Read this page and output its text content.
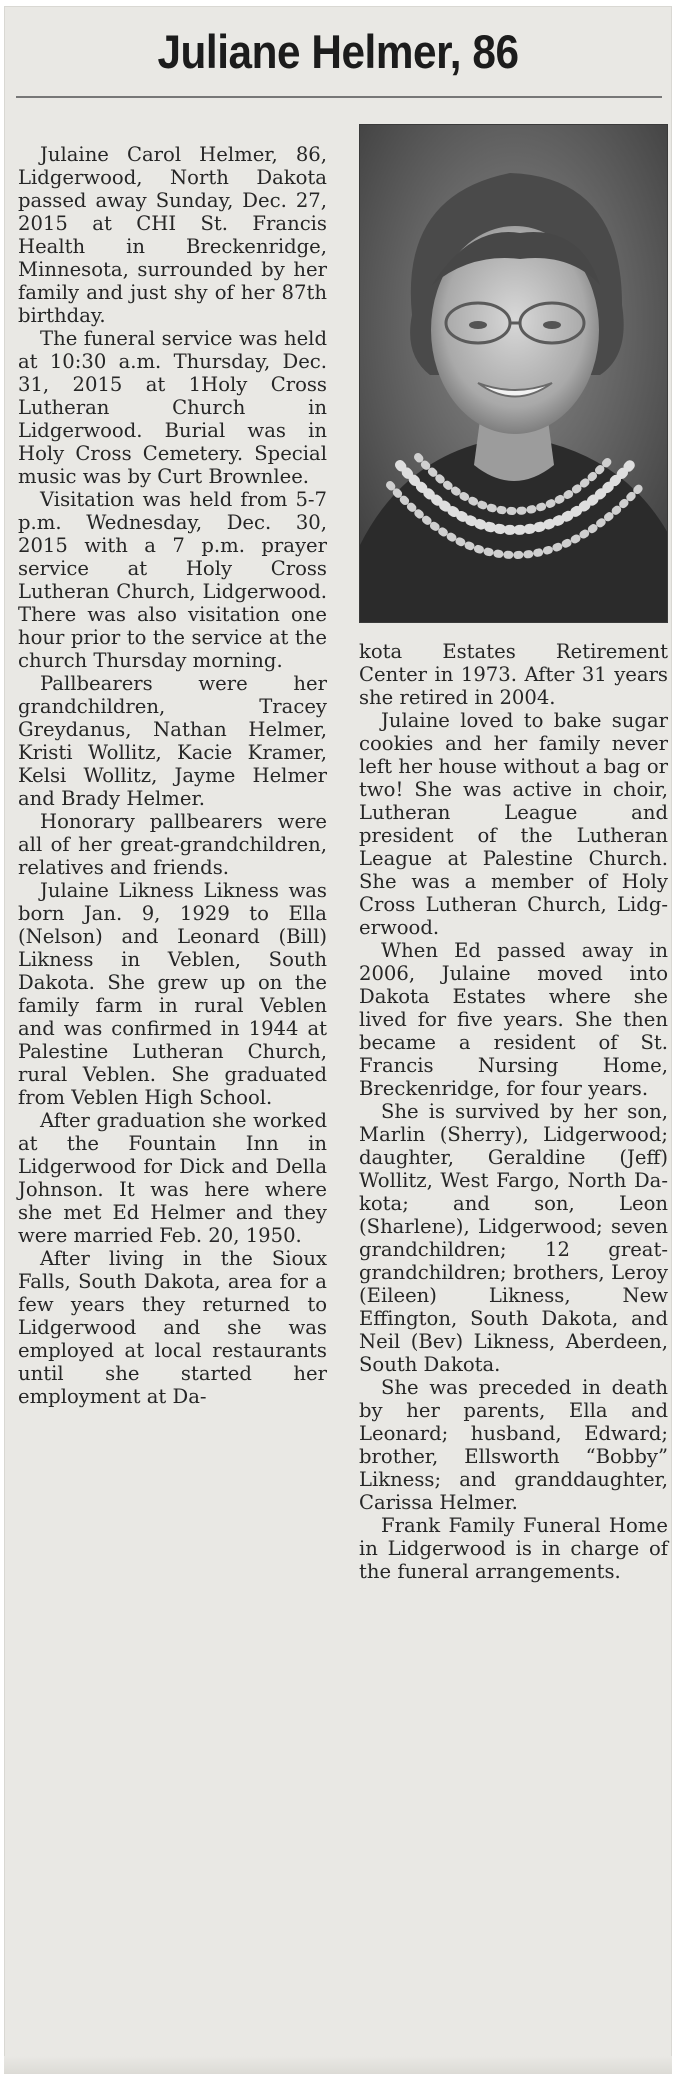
Juliane Helmer, 86

Julaine Carol Helmer, 86, Lidgerwood, North Dakota passed away Sunday, Dec. 27, 2015 at CHI St. Francis Health in Breckenridge, Minnesota, surrounded by her family and just shy of her 87th birthday.

The funeral service was held at 10:30 a.m. Thursday, Dec. 31, 2015 at 1Holy Cross Lutheran Church in Lidgerwood. Burial was in Holy Cross Cemetery. Special music was by Curt Brownlee.

Visitation was held from 5-7 p.m. Wednesday, Dec. 30, 2015 with a 7 p.m. prayer service at Holy Cross Lutheran Church, Lidgerwood. There was also visitation one hour prior to the service at the church Thursday morning.

Pallbearers were her grandchildren, Tracey Greydanus, Nathan Helmer, Kristi Wollitz, Kacie Kramer, Kelsi Wollitz, Jayme Helmer and Brady Helmer.

Honorary pallbearers were all of her great-grandchildren, relatives and friends.

Julaine Likness Likness was born Jan. 9, 1929 to Ella (Nelson) and Leonard (Bill) Likness in Veblen, South Dakota. She grew up on the family farm in rural Veblen and was confirmed in 1944 at Palestine Lutheran Church, rural Veblen. She graduated from Veblen High School.

After graduation she worked at the Fountain Inn in Lidgerwood for Dick and Della Johnson. It was here where she met Ed Helmer and they were married Feb. 20, 1950.

After living in the Sioux Falls, South Dakota, area for a few years they returned to Lidgerwood and she was employed at local restaurants until she started her employment at Da-

kota Estates Retirement Center in 1973. After 31 years she retired in 2004.

Julaine loved to bake sugar cookies and her family never left her house without a bag or two! She was active in choir, Lutheran League and president of the Lutheran League at Palestine Church. She was a member of Holy Cross Lutheran Church, Lidgerwood.

When Ed passed away in 2006, Julaine moved into Dakota Estates where she lived for five years. She then became a resident of St. Francis Nursing Home, Breckenridge, for four years.

She is survived by her son, Marlin (Sherry), Lidgerwood; daughter, Geraldine (Jeff) Wollitz, West Fargo, North Dakota; and son, Leon (Sharlene), Lidgerwood; seven grandchildren; 12 great-grandchildren; brothers, Leroy (Eileen) Likness, New Effington, South Dakota, and Neil (Bev) Likness, Aberdeen, South Dakota.

She was preceded in death by her parents, Ella and Leonard; husband, Edward; brother, Ellsworth “Bobby” Likness; and granddaughter, Carissa Helmer.

Frank Family Funeral Home in Lidgerwood is in charge of the funeral arrangements.
